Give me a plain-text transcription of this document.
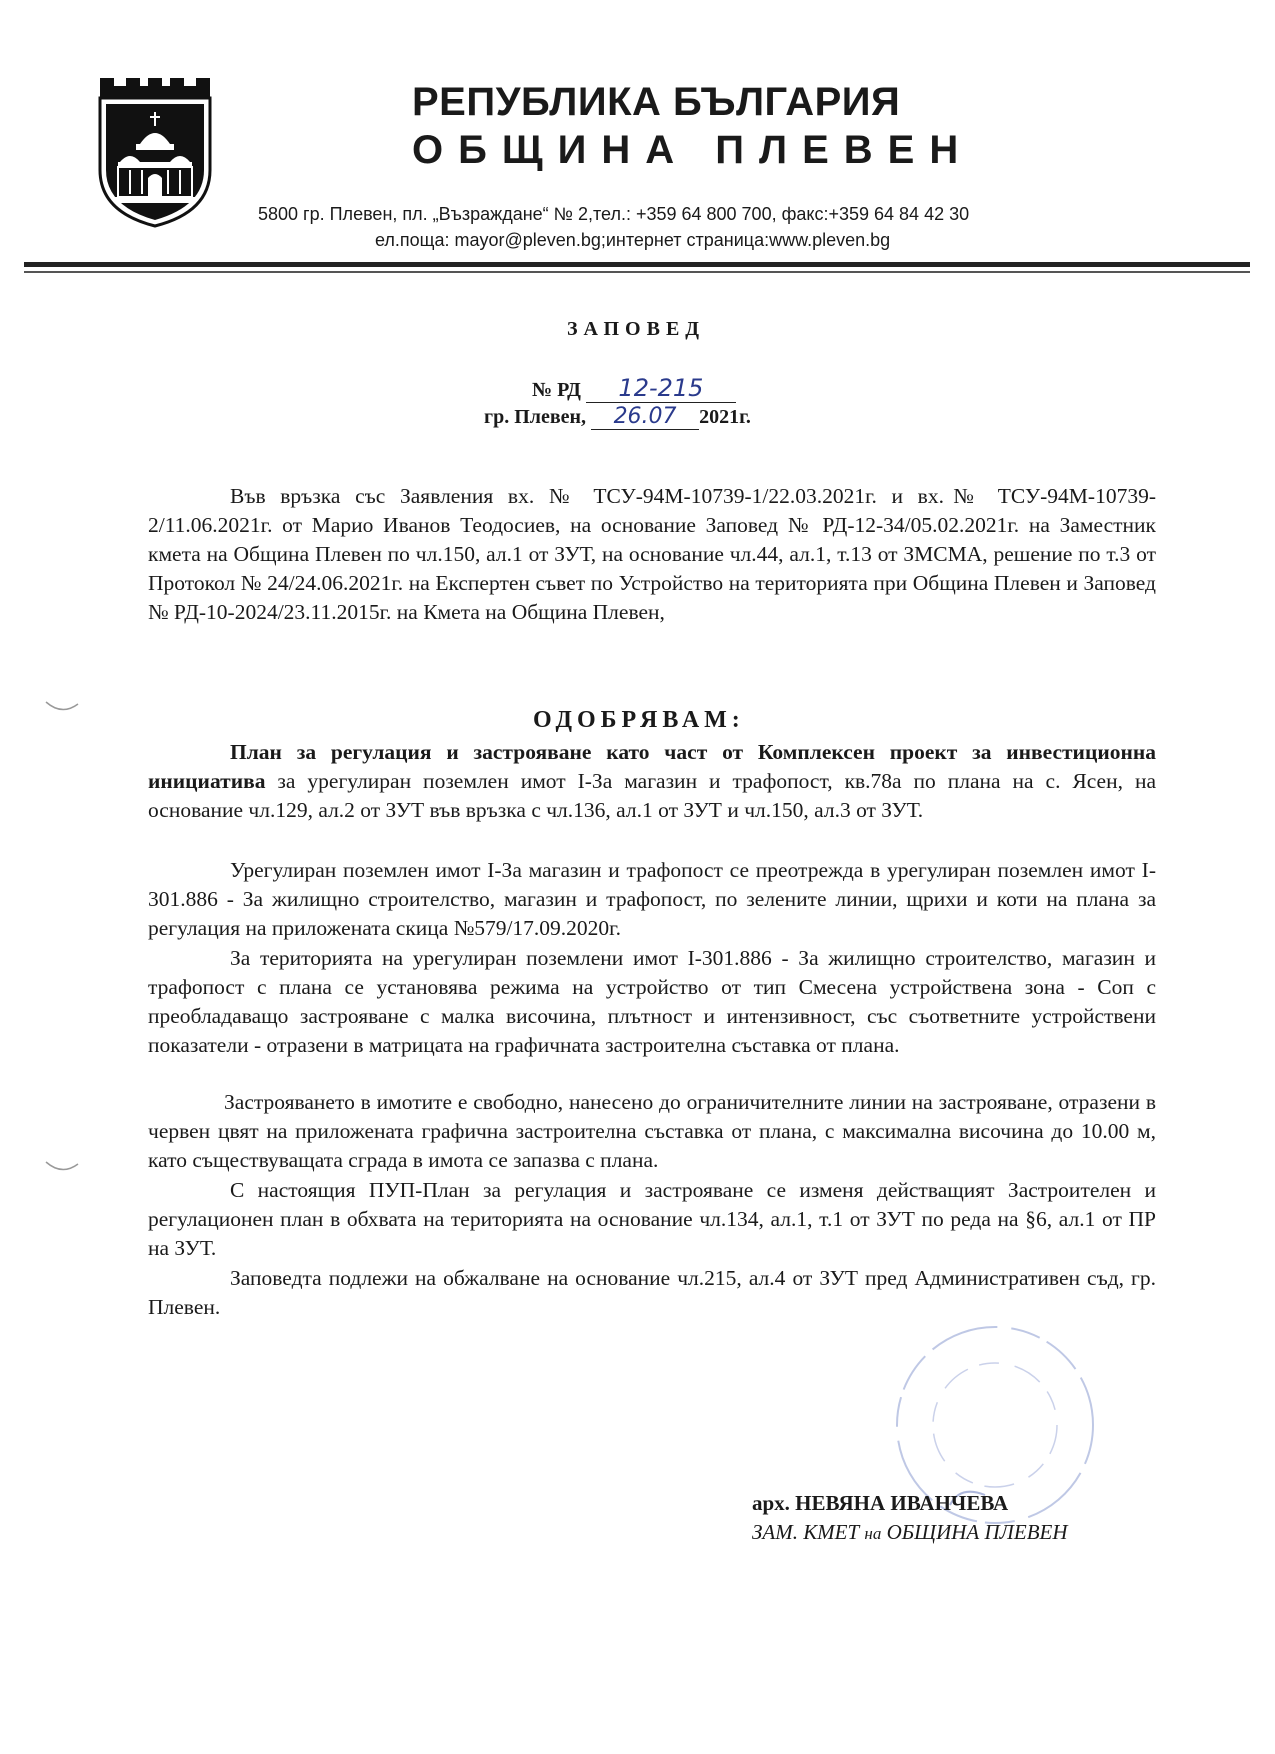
РЕПУБЛИКА БЪЛГАРИЯ
ОБЩИНА ПЛЕВЕН
5800 гр. Плевен, пл. „Възраждане“ № 2,тел.: +359 64 800 700, факс:+359 64 84 42 30
ел.поща: mayor@pleven.bg;интернет страница:www.pleven.bg
ЗАПОВЕД
№ РД 12-215
гр. Плевен, 26.07 2021г.
Във връзка със Заявления вх. № ТСУ-94М-10739-1/22.03.2021г. и вх.№ ТСУ-94М-10739-2/11.06.2021г. от Марио Иванов Теодосиев, на основание Заповед № РД-12-34/05.02.2021г. на Заместник кмета на Община Плевен по чл.150, ал.1 от ЗУТ, на основание чл.44, ал.1, т.13 от ЗМСМА, решение по т.3 от Протокол № 24/24.06.2021г. на Експертен съвет по Устройство на територията при Община Плевен и Заповед № РД-10-2024/23.11.2015г. на Кмета на Община Плевен,
ОДОБРЯВАМ:
План за регулация и застрояване като част от Комплексен проект за инвестиционна инициатива за урегулиран поземлен имот I-За магазин и трафопост, кв.78а по плана на с. Ясен, на основание чл.129, ал.2 от ЗУТ във връзка с чл.136, ал.1 от ЗУТ и чл.150, ал.3 от ЗУТ.
Урегулиран поземлен имот I-За магазин и трафопост се преотрежда в урегулиран поземлен имот I-301.886 - За жилищно строителство, магазин и трафопост, по зелените линии, щрихи и коти на плана за регулация на приложената скица №579/17.09.2020г.
За територията на урегулиран поземлени имот I-301.886 - За жилищно строителство, магазин и трафопост с плана се установява режима на устройство от тип Смесена устройствена зона - Соп с преобладаващо застрояване с малка височина, плътност и интензивност, със съответните устройствени показатели - отразени в матрицата на графичната застроителна съставка от плана.
Застрояването в имотите е свободно, нанесено до ограничителните линии на застрояване, отразени в червен цвят на приложената графична застроителна съставка от плана, с максимална височина до 10.00 м, като съществуващата сграда в имота се запазва с плана.
С настоящия ПУП-План за регулация и застрояване се изменя действащият Застроителен и регулационен план в обхвата на територията на основание чл.134, ал.1, т.1 от ЗУТ по реда на §6, ал.1 от ПР на ЗУТ.
Заповедта подлежи на обжалване на основание чл.215, ал.4 от ЗУТ пред Административен съд, гр. Плевен.
арх. НЕВЯНА ИВАНЧЕВА
ЗАМ. КМЕТ на ОБЩИНА ПЛЕВЕН
